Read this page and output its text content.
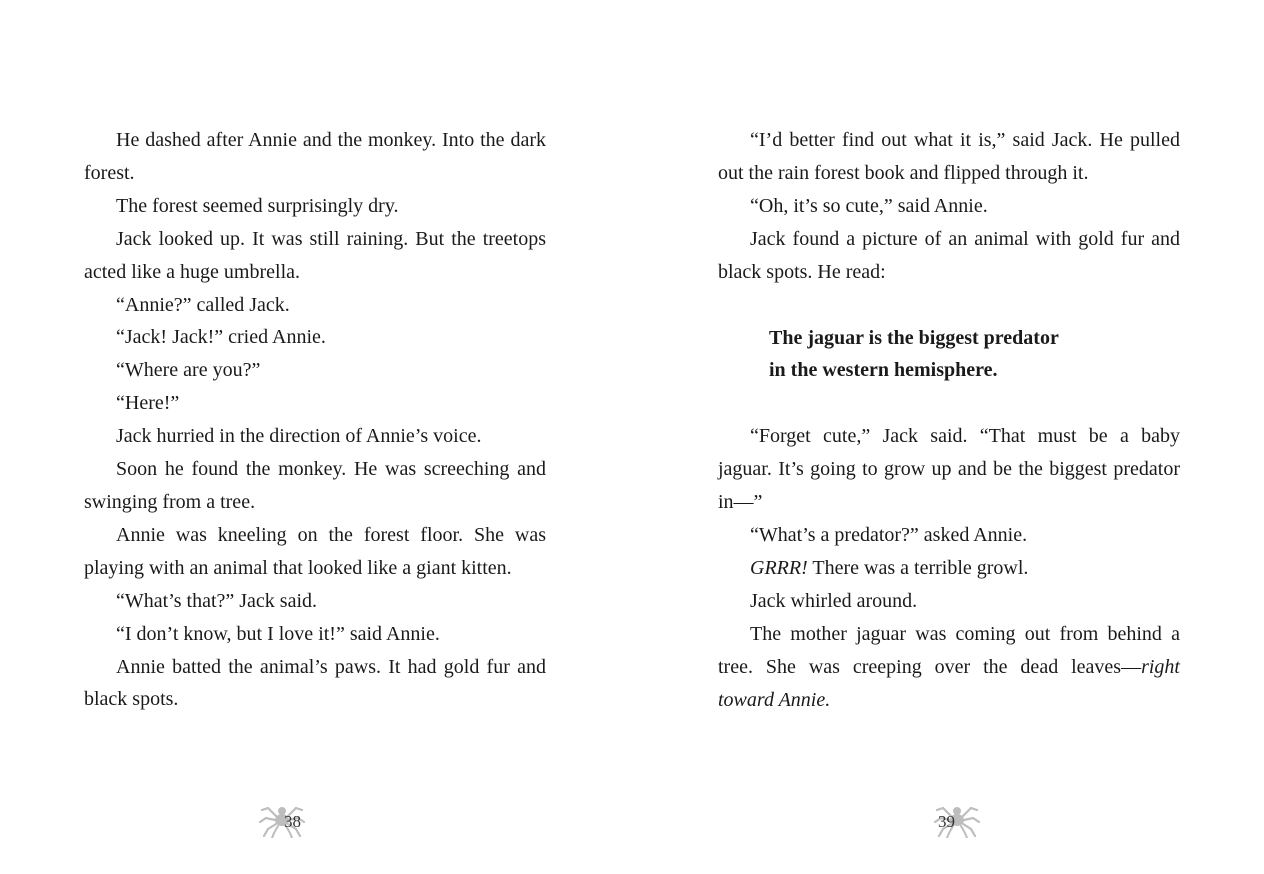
He dashed after Annie and the monkey. Into the dark forest.

The forest seemed surprisingly dry.

Jack looked up. It was still raining. But the treetops acted like a huge umbrella.

“Annie?” called Jack.

“Jack! Jack!” cried Annie.

“Where are you?”

“Here!”

Jack hurried in the direction of Annie’s voice.

Soon he found the monkey. He was screeching and swinging from a tree.

Annie was kneeling on the forest floor. She was playing with an animal that looked like a giant kitten.

“What’s that?” Jack said.

“I don’t know, but I love it!” said Annie.

Annie batted the animal’s paws. It had gold fur and black spots.

“I’d better find out what it is,” said Jack. He pulled out the rain forest book and flipped through it.

“Oh, it’s so cute,” said Annie.

Jack found a picture of an animal with gold fur and black spots. He read:

The jaguar is the biggest predator

in the western hemisphere.

“Forget cute,” Jack said. “That must be a baby jaguar. It’s going to grow up and be the biggest predator in—”

“What’s a predator?” asked Annie.

GRRR! There was a terrible growl.

Jack whirled around.

The mother jaguar was coming out from behind a tree. She was creeping over the dead leaves—right toward Annie.

38	39
